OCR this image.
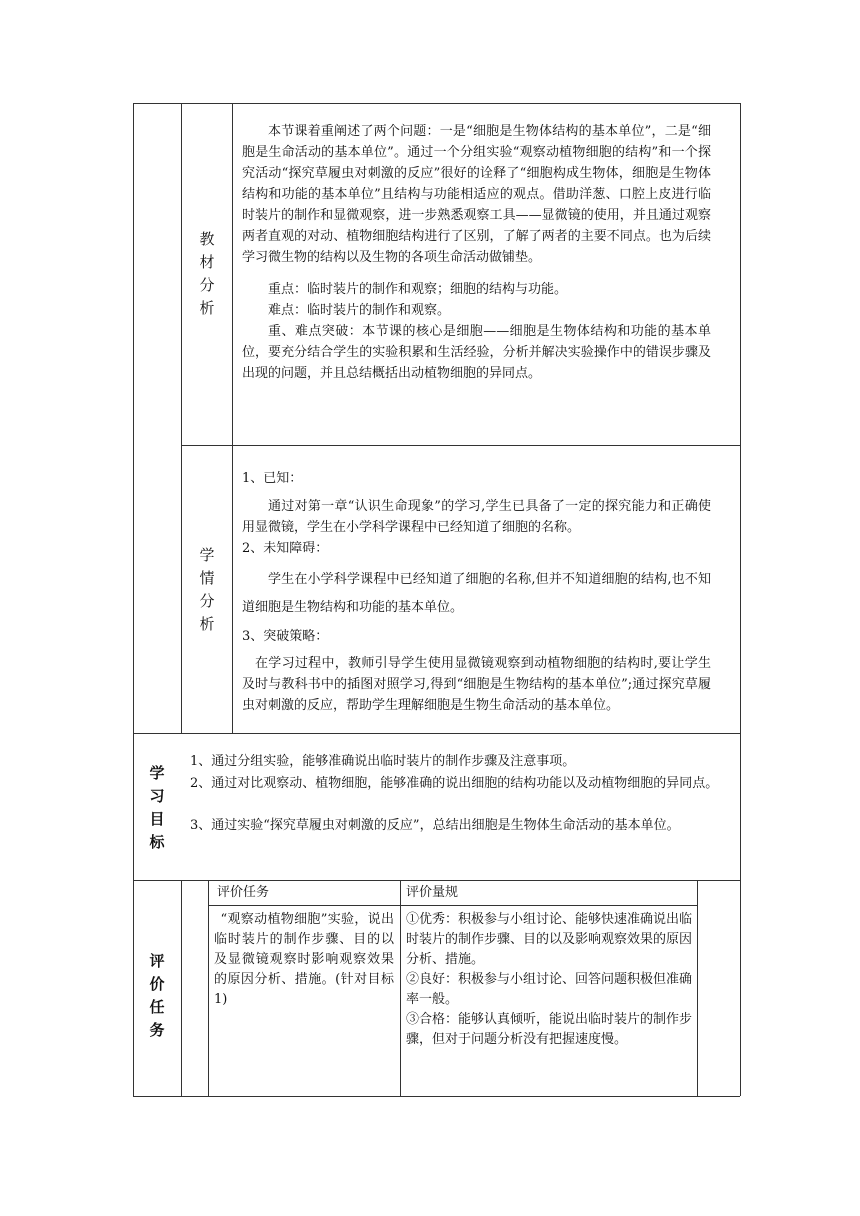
教
材
分
析

本节课着重阐述了两个问题：一是“细胞是生物体结构的基本单位”，二是“细胞是生命活动的基本单位”。通过一个分组实验“观察动植物细胞的结构”和一个探究活动“探究草履虫对刺激的反应”很好的诠释了“细胞构成生物体，细胞是生物体结构和功能的基本单位”且结构与功能相适应的观点。借助洋葱、口腔上皮进行临时装片的制作和显微观察，进一步熟悉观察工具——显微镜的使用，并且通过观察两者直观的对动、植物细胞结构进行了区别，了解了两者的主要不同点。也为后续学习微生物的结构以及生物的各项生命活动做铺垫。

重点：临时装片的制作和观察；细胞的结构与功能。

难点：临时装片的制作和观察。

重、难点突破：本节课的核心是细胞——细胞是生物体结构和功能的基本单位，要充分结合学生的实验积累和生活经验，分析并解决实验操作中的错误步骤及出现的问题，并且总结概括出动植物细胞的异同点。

学
情
分
析

1、已知：

通过对第一章“认识生命现象”的学习,学生已具备了一定的探究能力和正确使用显微镜，学生在小学科学课程中已经知道了细胞的名称。

2、未知障碍：

学生在小学科学课程中已经知道了细胞的名称,但并不知道细胞的结构,也不知道细胞是生物结构和功能的基本单位。

3、突破策略：

在学习过程中，教师引导学生使用显微镜观察到动植物细胞的结构时,要让学生及时与教科书中的插图对照学习,得到“细胞是生物结构的基本单位”;通过探究草履虫对刺激的反应，帮助学生理解细胞是生物生命活动的基本单位。

学
习
目
标

1、通过分组实验，能够准确说出临时装片的制作步骤及注意事项。

2、通过对比观察动、植物细胞，能够准确的说出细胞的结构功能以及动植物细胞的异同点。

3、通过实验“探究草履虫对刺激的反应”，总结出细胞是生物体生命活动的基本单位。

评
价
任
务
评价任务	评价量规

“观察动植物细胞”实验，说出临时装片的制作步骤、目的以及显微镜观察时影响观察效果的原因分析、措施。(针对目标 1)

①优秀：积极参与小组讨论、能够快速准确说出临时装片的制作步骤、目的以及影响观察效果的原因分析、措施。

②良好：积极参与小组讨论、回答问题积极但准确率一般。

③合格：能够认真倾听，能说出临时装片的制作步骤，但对于问题分析没有把握速度慢。
